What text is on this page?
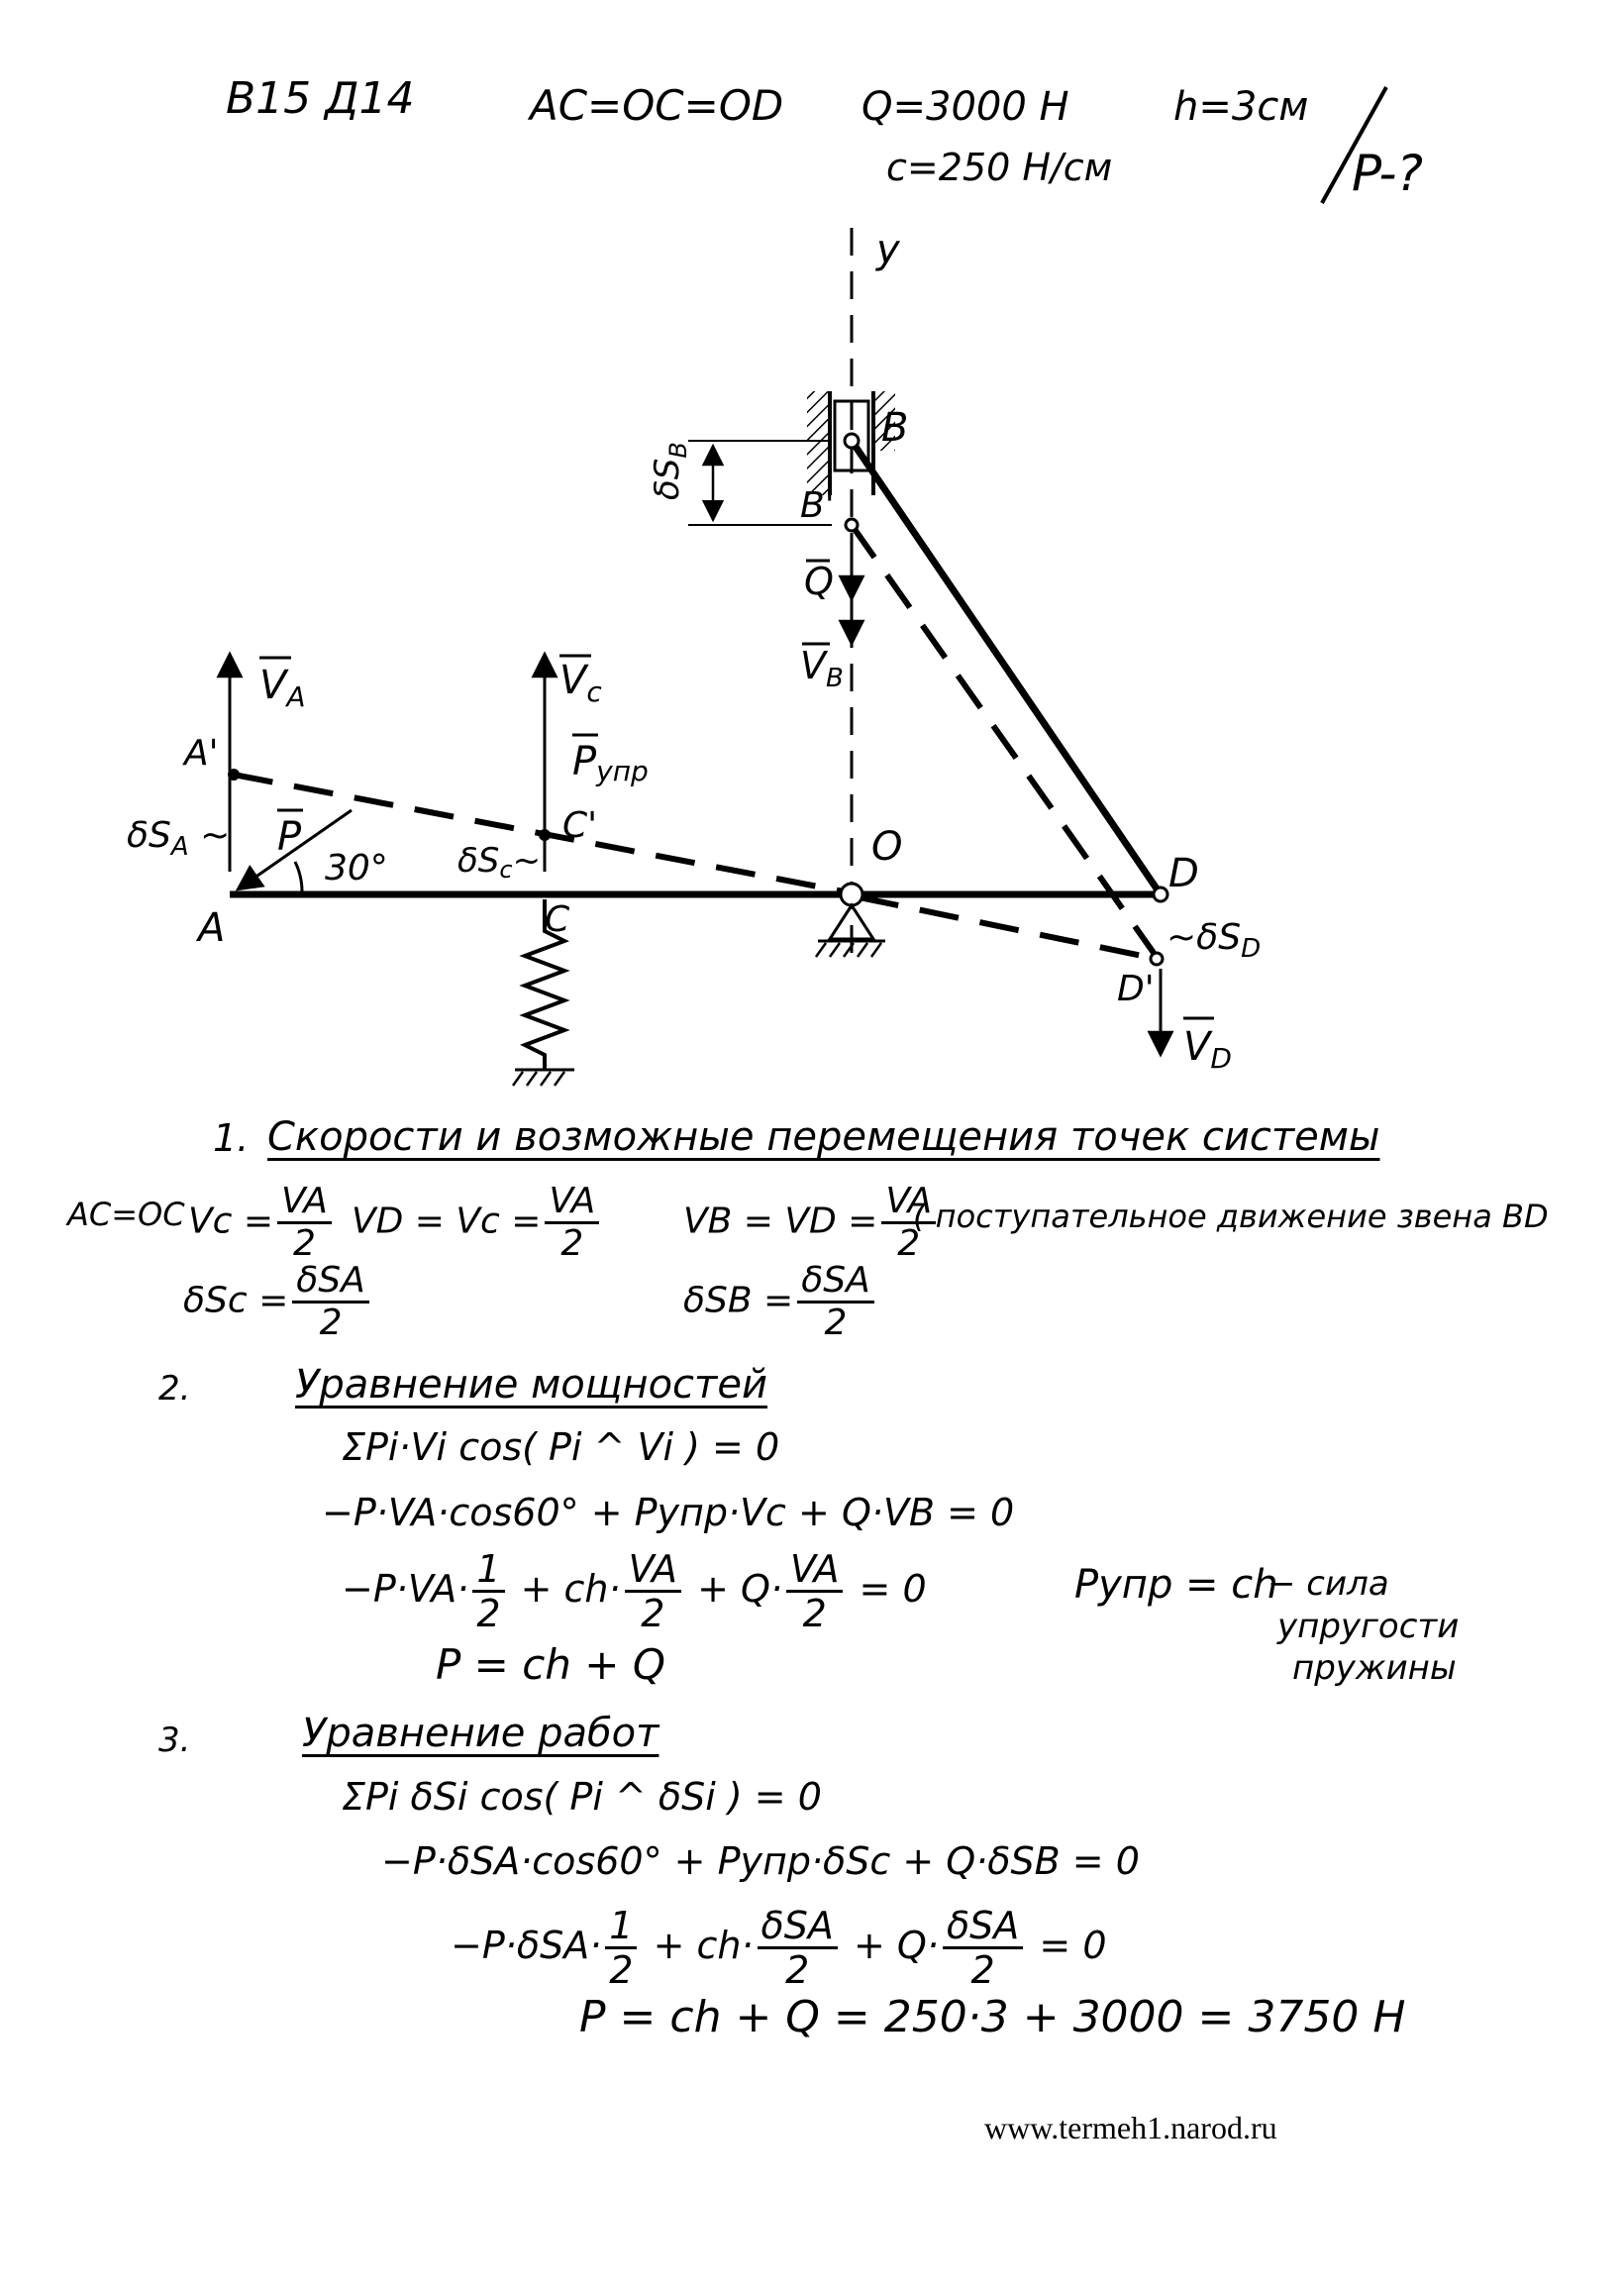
B15 Д14	AC=OC=OD Q=3000 H
c=250 H/см
h=3см
P-?
y
B
B'
$\delta S_B$
Q
$V_B$
O
A
A'
$V_A$
$\delta S_A$ ~ P
30°
C'
$V_c$
Pупр
δSc~
C
D
D'
$\sim\delta S_D$
$V_D$
1. Скорости и возможные перемещения точек системы
AC=OC $Vc = \frac{VA}{2}$ VD = $Vc = \frac{VA}{2}$ VB = VD = $\frac{VA}{2}$
( поступательное движение звена BD
$\delta Sc = \frac{\text{δSA}}{2}$	$\delta SB = \frac{\text{δSA}}{2}$
2.	Уравнение мощностей
ΣPi·Vi cos( Pi ^ Vi ) = 0
−P·VA·cos60° + Pупр·Vc + Q·VB = 0
$-P\cdot VA\cdot \frac{1}{2} + ch\cdot \frac{VA}{2} + Q\cdot \frac{VA}{2} = 0$
P = ch + Q
Pупр = ch
− сила
упругости
пружины
3.	Уравнение работ
ΣPi δSi cos( Pi ^ δSi ) = 0
−P·δSA·cos60° + Pупр·δSc + Q·δSB = 0
$-P\cdot\delta SA\cdot \frac{1}{2} + ch\cdot \frac{\text{δSA}}{2} + Q\cdot \frac{\text{δSA}}{2} = 0$
P = ch + Q = 250·3 + 3000 = 3750 H
www.termeh1.narod.ru
